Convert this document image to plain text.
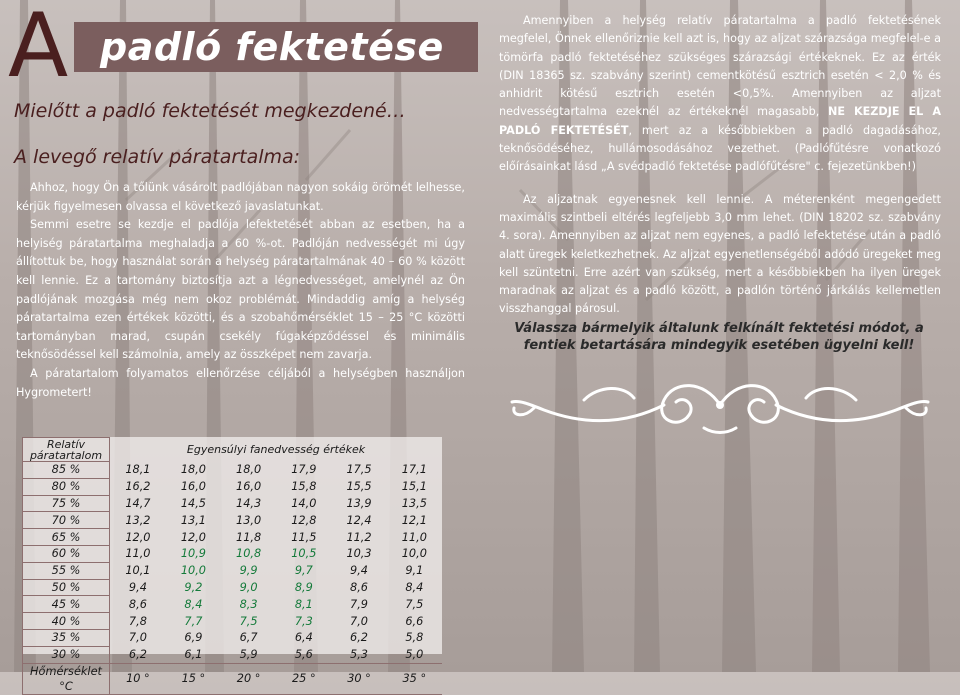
A padló fektetése
Mielőtt a padló fektetését megkezdené…
A levegő relatív páratartalma:

Ahhoz, hogy Ön a tőlünk vásárolt padlójában nagyon sokáig örömét lelhesse, kérjük figyelmesen olvassa el következő javaslatunkat.

Semmi esetre se kezdje el padlója lefektetését abban az esetben, ha a helyiség páratartalma meghaladja a 60 %-ot. Padlóján nedvességét mi úgy állítottuk be, hogy használat során a helység páratartalmának 40 – 60 % között kell lennie. Ez a tartomány biztosítja azt a légnedvességet, amelynél az Ön padlójának mozgása még nem okoz problémát. Mindaddig amíg a helység páratartalma ezen értékek közötti, és a szobahőmérséklet 15 – 25 °C közötti tartományban marad, csupán csekély fúgaképződéssel és minimális teknősödéssel kell számolnia, amely az összképet nem zavarja.

A páratartalom folyamatos ellenőrzése céljából a helységben használjon Hygrometert!

Amennyiben a helység relatív páratartalma a padló fektetésének megfelel, Önnek ellenőriznie kell azt is, hogy az aljzat szárazsága megfelel-e a tömörfa padló fektetéséhez szükséges szárazsági értékeknek. Ez az érték (DIN 18365 sz. szabvány szerint) cementkötésű esztrich esetén < 2,0 % és anhidrit kötésű esztrich esetén <0,5%. Amennyiben az aljzat nedvességtartalma ezeknél az értékeknél magasabb, NE KEZDJE EL A PADLÓ FEKTETÉSÉT, mert az a későbbiekben a padló dagadásához, teknősödéséhez, hullámosodásához vezethet. (Padlófűtésre vonatkozó előírásainkat lásd „A svédpadló fektetése padlófűtésre" c. fejezetünkben!)

Az aljzatnak egyenesnek kell lennie. A méterenként megengedett maximális szintbeli eltérés legfeljebb 3,0 mm lehet. (DIN 18202 sz. szabvány 4. sora). Amennyiben az aljzat nem egyenes, a padló lefektetése után a padló alatt üregek keletkezhetnek. Az aljzat egyenetlenségéből adódó üregeket meg kell szüntetni. Erre azért van szükség, mert a későbbiekben ha ilyen üregek maradnak az aljzat és a padló között, a padlón történő járkálás kellemetlen visszhanggal párosul.

Válassza bármelyik általunk felkínált fektetési módot, a fentiek betartására mindegyik esetében ügyelni kell!
Relatív páratartalom	Egyensúlyi fanedvesség értékek					
85 %	18,1	18,0	18,0	17,9	17,5	17,1
80 %	16,2	16,0	16,0	15,8	15,5	15,1
75 %	14,7	14,5	14,3	14,0	13,9	13,5
70 %	13,2	13,1	13,0	12,8	12,4	12,1
65 %	12,0	12,0	11,8	11,5	11,2	11,0
60 %	11,0	10,9	10,8	10,5	10,3	10,0
55 %	10,1	10,0	9,9	9,7	9,4	9,1
50 %	9,4	9,2	9,0	8,9	8,6	8,4
45 %	8,6	8,4	8,3	8,1	7,9	7,5
40 %	7,8	7,7	7,5	7,3	7,0	6,6
35 %	7,0	6,9	6,7	6,4	6,2	5,8
30 %	6,2	6,1	5,9	5,6	5,3	5,0
Hőmérséklet °C	10 °	15 °	20 °	25 °	30 °	35 °
